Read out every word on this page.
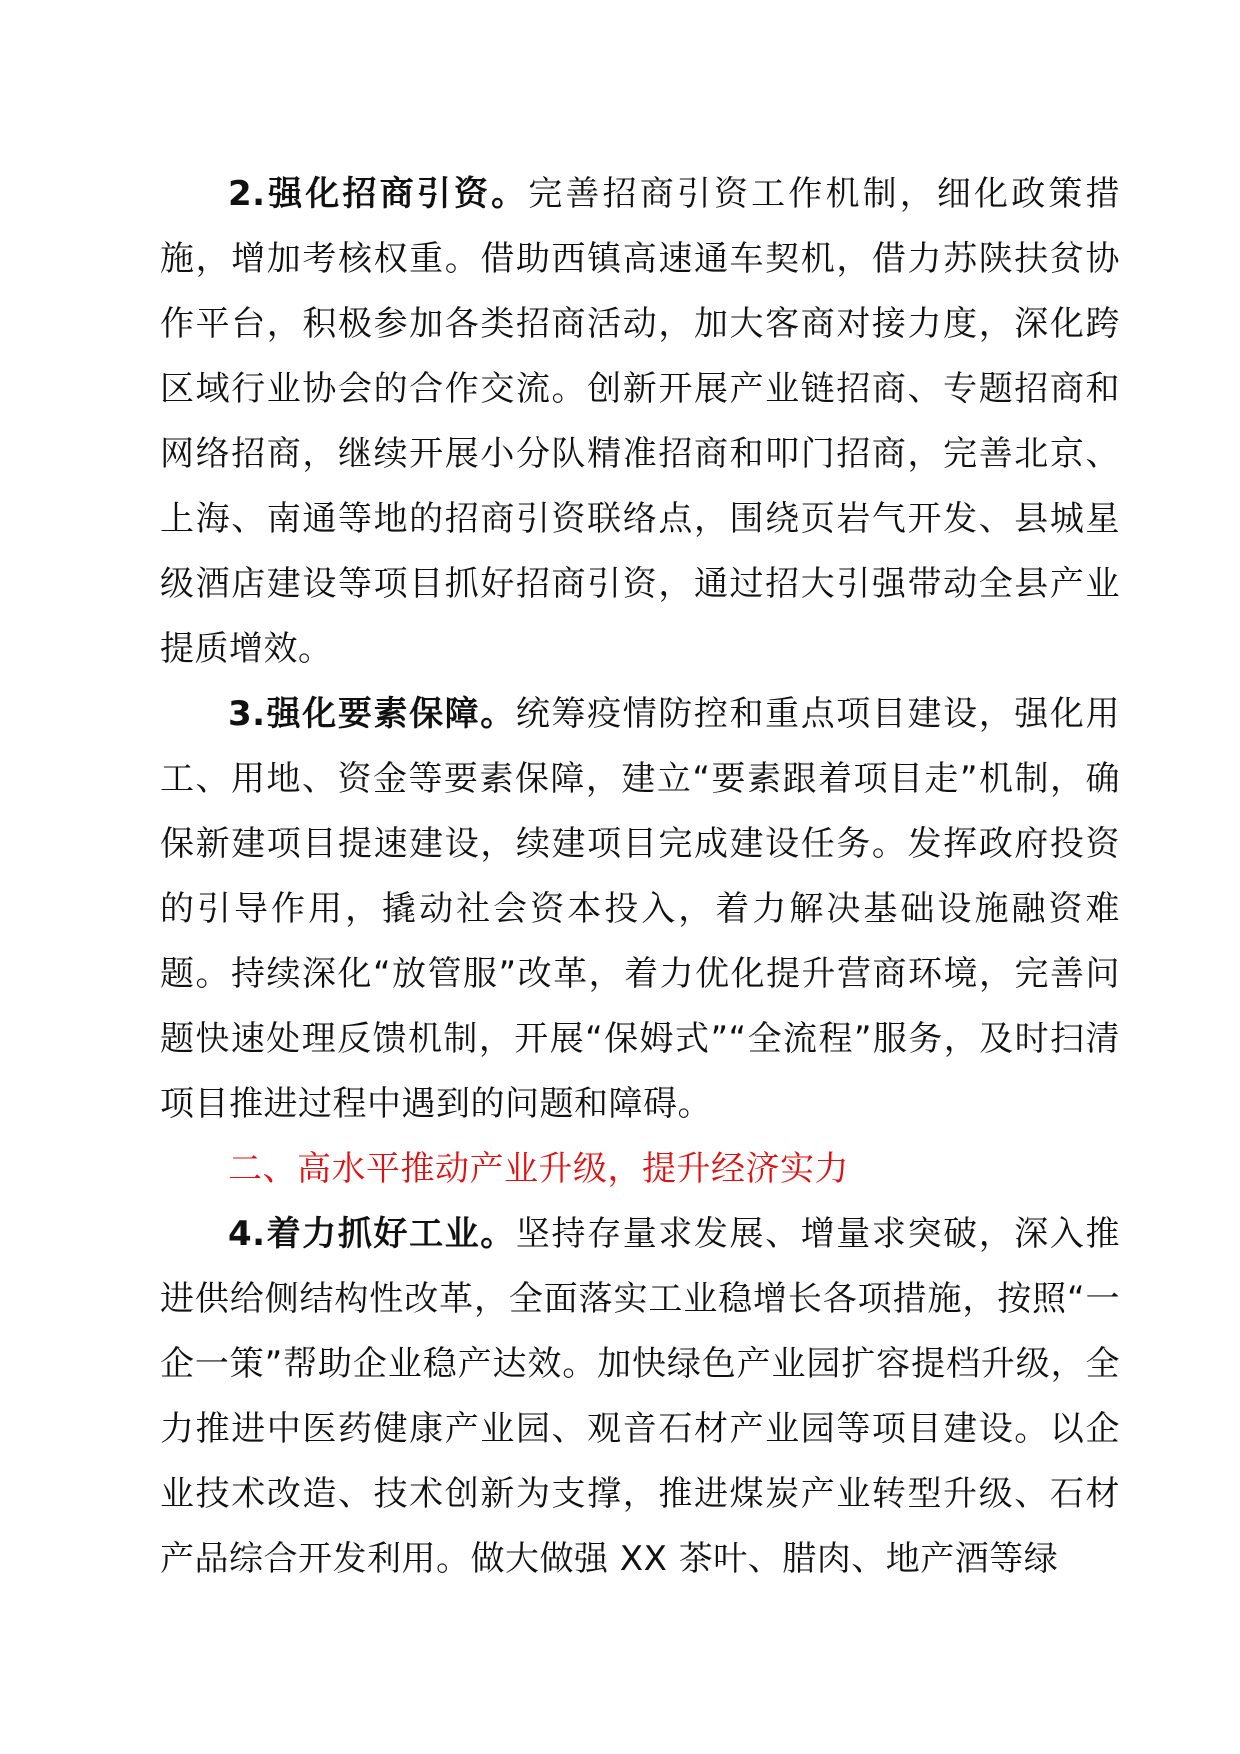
2.强化招商引资。完善招商引资工作机制，细化政策措施，增加考核权重。借助西镇高速通车契机，借力苏陕扶贫协作平台，积极参加各类招商活动，加大客商对接力度，深化跨区域行业协会的合作交流。创新开展产业链招商、专题招商和网络招商，继续开展小分队精准招商和叩门招商，完善北京、上海、南通等地的招商引资联络点，围绕页岩气开发、县城星级酒店建设等项目抓好招商引资，通过招大引强带动全县产业提质增效。

3.强化要素保障。统筹疫情防控和重点项目建设，强化用工、用地、资金等要素保障，建立“要素跟着项目走”机制，确保新建项目提速建设，续建项目完成建设任务。发挥政府投资的引导作用，撬动社会资本投入，着力解决基础设施融资难题。持续深化“放管服”改革，着力优化提升营商环境，完善问题快速处理反馈机制，开展“保姆式”“全流程”服务，及时扫清项目推进过程中遇到的问题和障碍。

二、高水平推动产业升级，提升经济实力

4.着力抓好工业。坚持存量求发展、增量求突破，深入推进供给侧结构性改革，全面落实工业稳增长各项措施，按照“一企一策”帮助企业稳产达效。加快绿色产业园扩容提档升级，全力推进中医药健康产业园、观音石材产业园等项目建设。以企业技术改造、技术创新为支撑，推进煤炭产业转型升级、石材产品综合开发利用。做大做强 XX 茶叶、腊肉、地产酒等绿
